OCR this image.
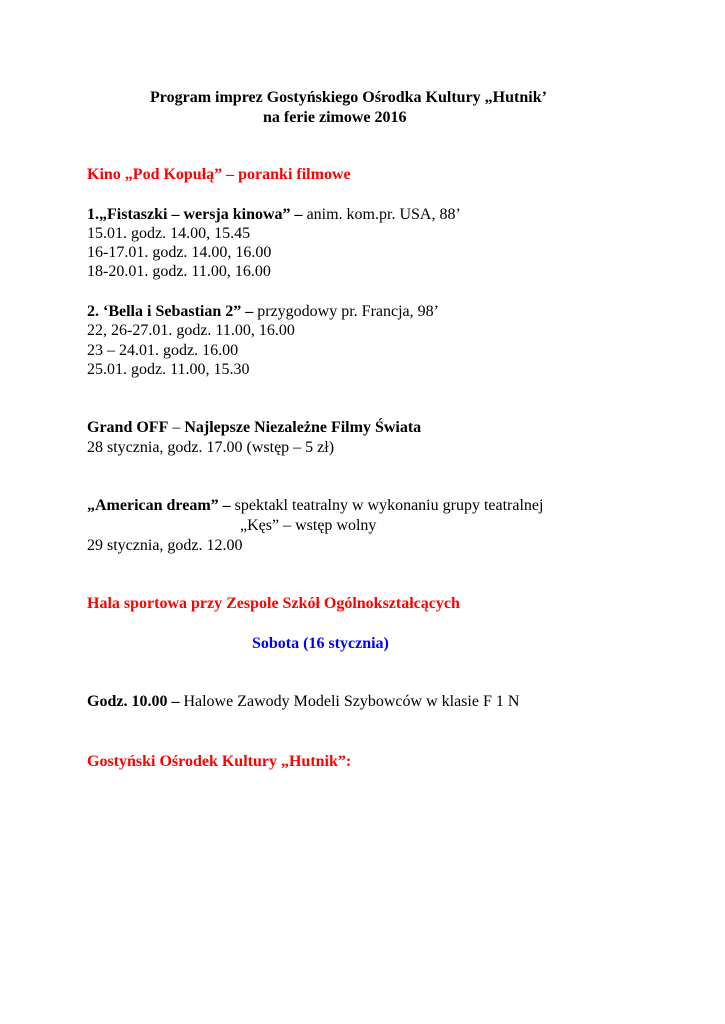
Program imprez Gostyńskiego Ośrodka Kultury „Hutnik’
na ferie zimowe 2016
Kino „Pod Kopułą” – poranki filmowe
1.„Fistaszki – wersja kinowa” – anim. kom.pr. USA, 88’
15.01. godz. 14.00, 15.45
16-17.01. godz. 14.00, 16.00
18-20.01. godz. 11.00, 16.00
2. ‘Bella i Sebastian 2” – przygodowy pr. Francja, 98’
22, 26-27.01. godz. 11.00, 16.00
23 – 24.01. godz. 16.00
25.01. godz. 11.00, 15.30
Grand OFF – Najlepsze Niezależne Filmy Świata
28 stycznia, godz. 17.00 (wstęp – 5 zł)
„American dream” – spektakl teatralny w wykonaniu grupy teatralnej
„Kęs” – wstęp wolny
29 stycznia, godz. 12.00
Hala sportowa przy Zespole Szkół Ogólnokształcących
Sobota (16 stycznia)
Godz. 10.00 – Halowe Zawody Modeli Szybowców w klasie F 1 N
Gostyński Ośrodek Kultury „Hutnik”:
